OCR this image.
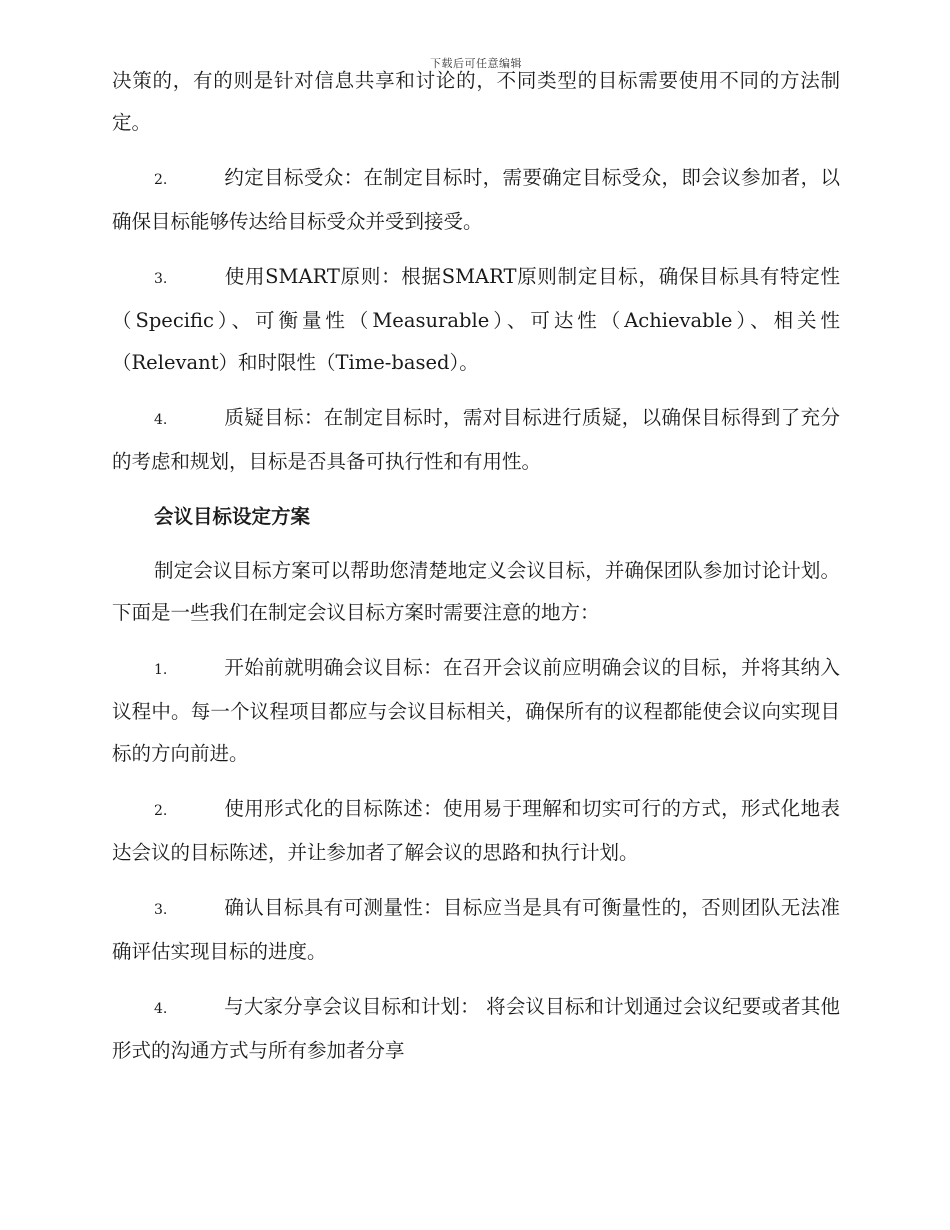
下载后可任意编辑

决策的，有的则是针对信息共享和讨论的，不同类型的目标需要使用不同的方法制定。

2.	约定目标受众：在制定目标时，需要确定目标受众，即会议参加者，以确保目标能够传达给目标受众并受到接受。

3.	使用SMART原则：根据SMART原则制定目标，确保目标具有特定性（Specific）、可衡量性（Measurable）、可达性（Achievable）、相关性（Relevant）和时限性（Time-based）。

4.	质疑目标：在制定目标时，需对目标进行质疑，以确保目标得到了充分的考虑和规划，目标是否具备可执行性和有用性。

会议目标设定方案

制定会议目标方案可以帮助您清楚地定义会议目标，并确保团队参加讨论计划。下面是一些我们在制定会议目标方案时需要注意的地方：

1.	开始前就明确会议目标：在召开会议前应明确会议的目标，并将其纳入议程中。每一个议程项目都应与会议目标相关，确保所有的议程都能使会议向实现目标的方向前进。

2.	使用形式化的目标陈述：使用易于理解和切实可行的方式，形式化地表达会议的目标陈述，并让参加者了解会议的思路和执行计划。

3.	确认目标具有可测量性：目标应当是具有可衡量性的，否则团队无法准确评估实现目标的进度。

4.	与大家分享会议目标和计划： 将会议目标和计划通过会议纪要或者其他形式的沟通方式与所有参加者分享
